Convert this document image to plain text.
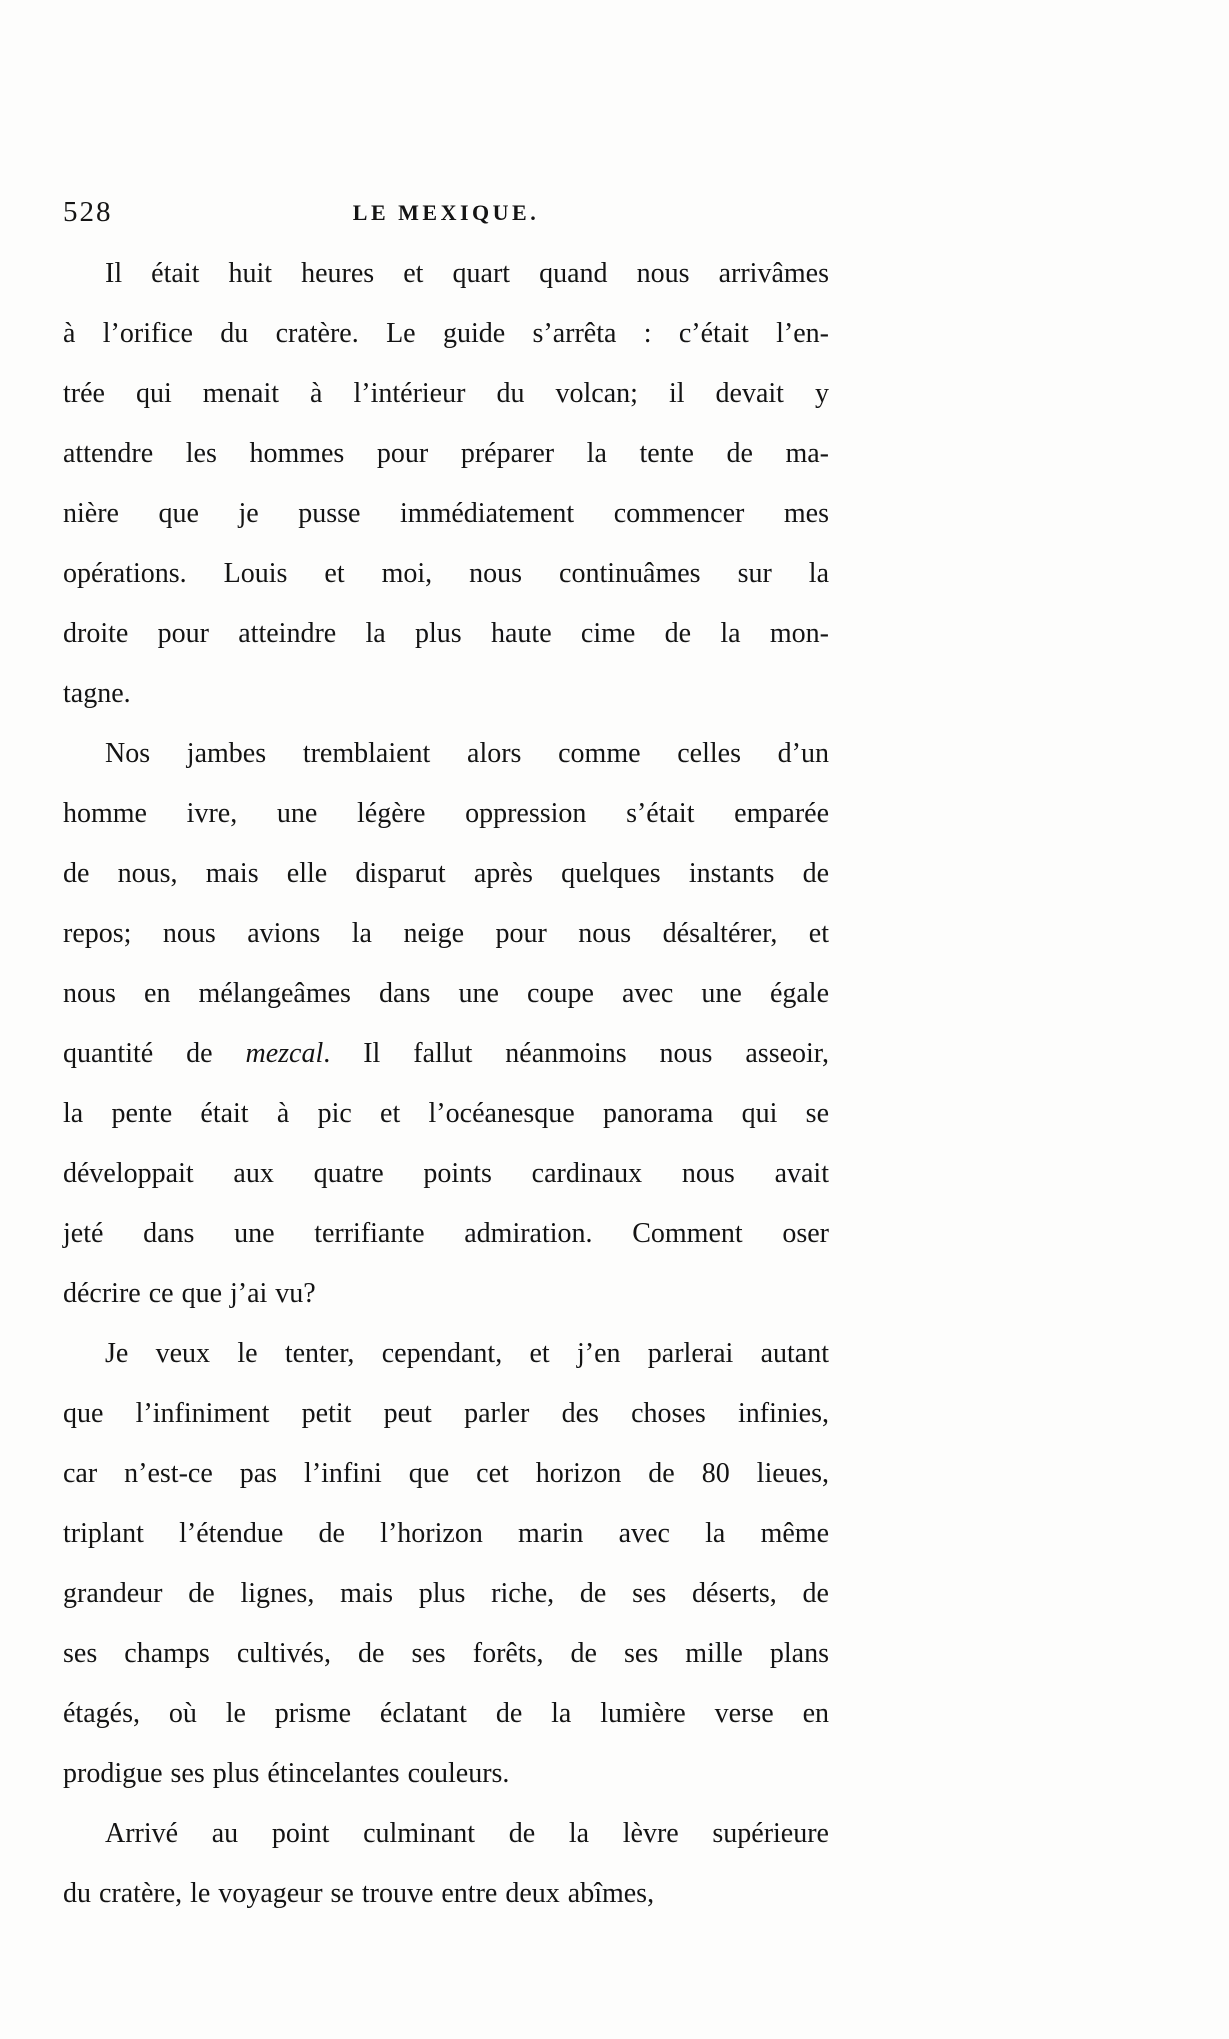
528	LE MEXIQUE.
Il était huit heures et quart quand nous arrivâmes
à l’orifice du cratère. Le guide s’arrêta : c’était l’en-
trée qui menait à l’intérieur du volcan; il devait y
attendre les hommes pour préparer la tente de ma-
nière que je pusse immédiatement commencer mes
opérations. Louis et moi, nous continuâmes sur la
droite pour atteindre la plus haute cime de la mon-
tagne.
Nos jambes tremblaient alors comme celles d’un
homme ivre, une légère oppression s’était emparée
de nous, mais elle disparut après quelques instants de
repos; nous avions la neige pour nous désaltérer, et
nous en mélangeâmes dans une coupe avec une égale
quantité de mezcal. Il fallut néanmoins nous asseoir,
la pente était à pic et l’océanesque panorama qui se
développait aux quatre points cardinaux nous avait
jeté dans une terrifiante admiration. Comment oser
décrire ce que j’ai vu?
Je veux le tenter, cependant, et j’en parlerai autant
que l’infiniment petit peut parler des choses infinies,
car n’est-ce pas l’infini que cet horizon de 80 lieues,
triplant l’étendue de l’horizon marin avec la même
grandeur de lignes, mais plus riche, de ses déserts, de
ses champs cultivés, de ses forêts, de ses mille plans
étagés, où le prisme éclatant de la lumière verse en
prodigue ses plus étincelantes couleurs.
Arrivé au point culminant de la lèvre supérieure
du cratère, le voyageur se trouve entre deux abîmes,
